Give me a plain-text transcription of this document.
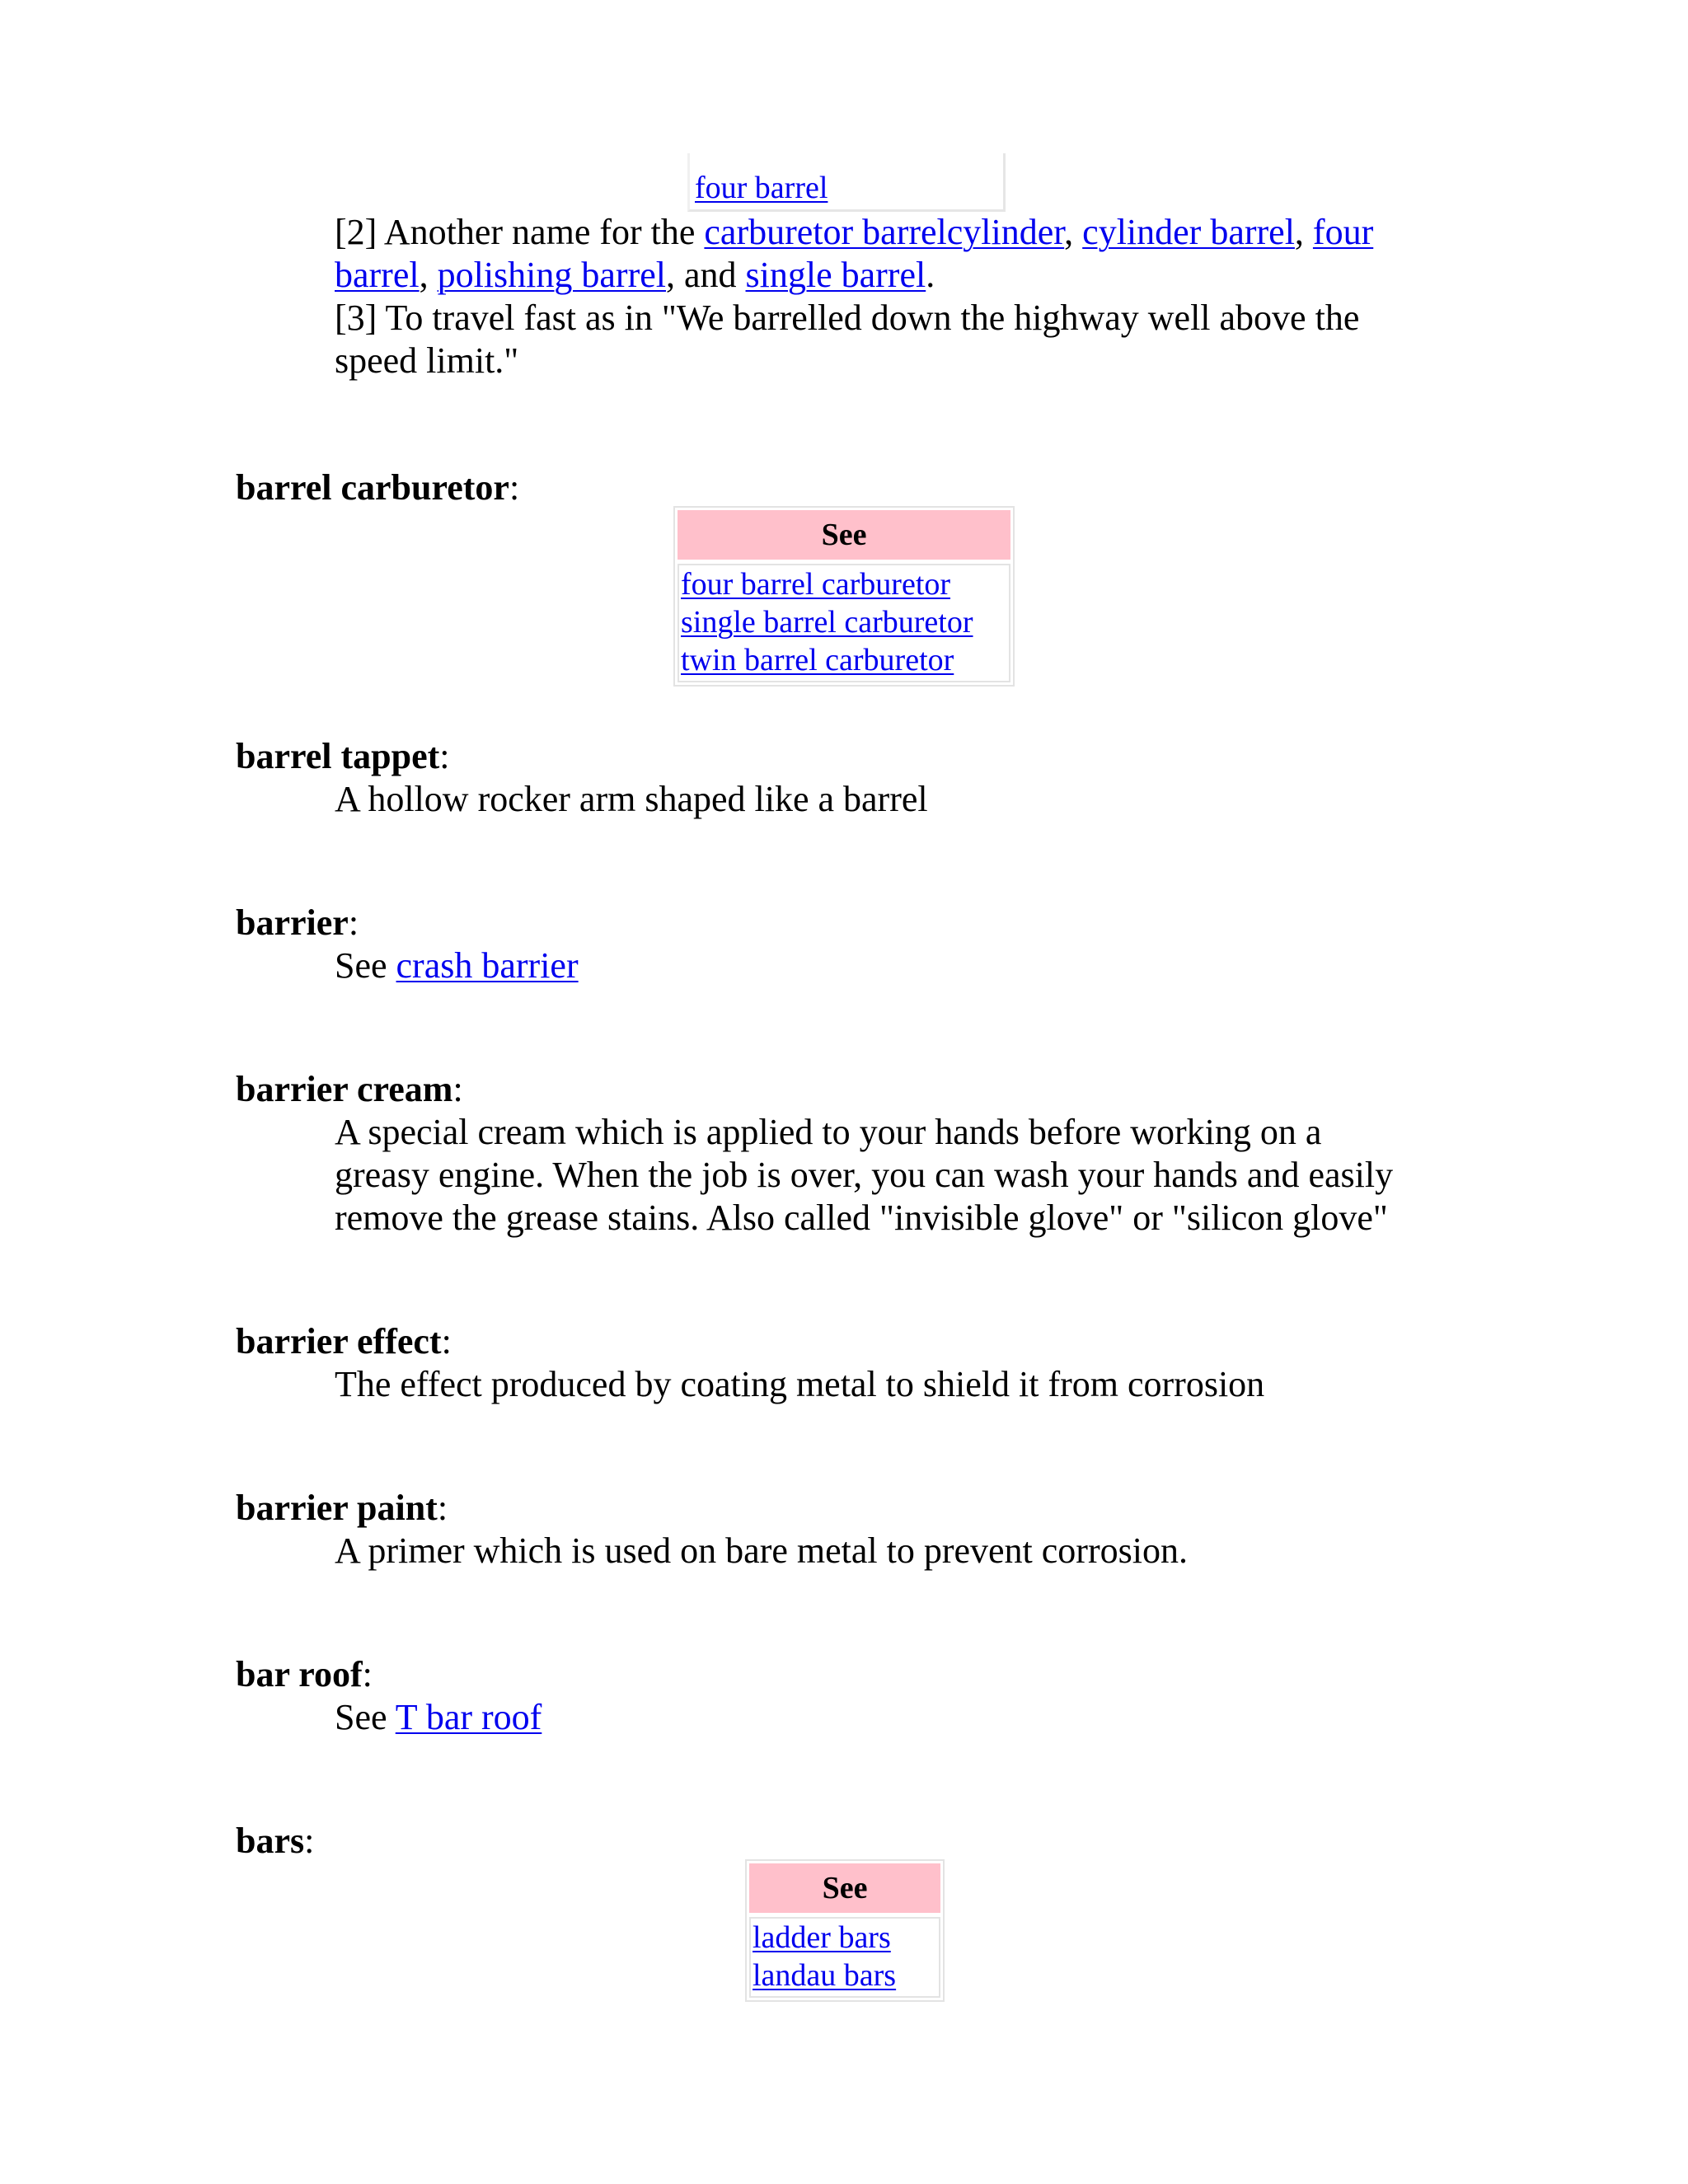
four barrel
[2] Another name for the carburetor barrelcylinder, cylinder barrel, four
barrel, polishing barrel, and single barrel.
[3] To travel fast as in "We barrelled down the highway well above the
speed limit."
barrel carburetor:
See
four barrel carburetor
single barrel carburetor
twin barrel carburetor
barrel tappet:
A hollow rocker arm shaped like a barrel
barrier:
See crash barrier
barrier cream:
A special cream which is applied to your hands before working on a
greasy engine. When the job is over, you can wash your hands and easily
remove the grease stains. Also called "invisible glove" or "silicon glove"
barrier effect:
The effect produced by coating metal to shield it from corrosion
barrier paint:
A primer which is used on bare metal to prevent corrosion.
bar roof:
See T bar roof
bars:
See
ladder bars
landau bars
